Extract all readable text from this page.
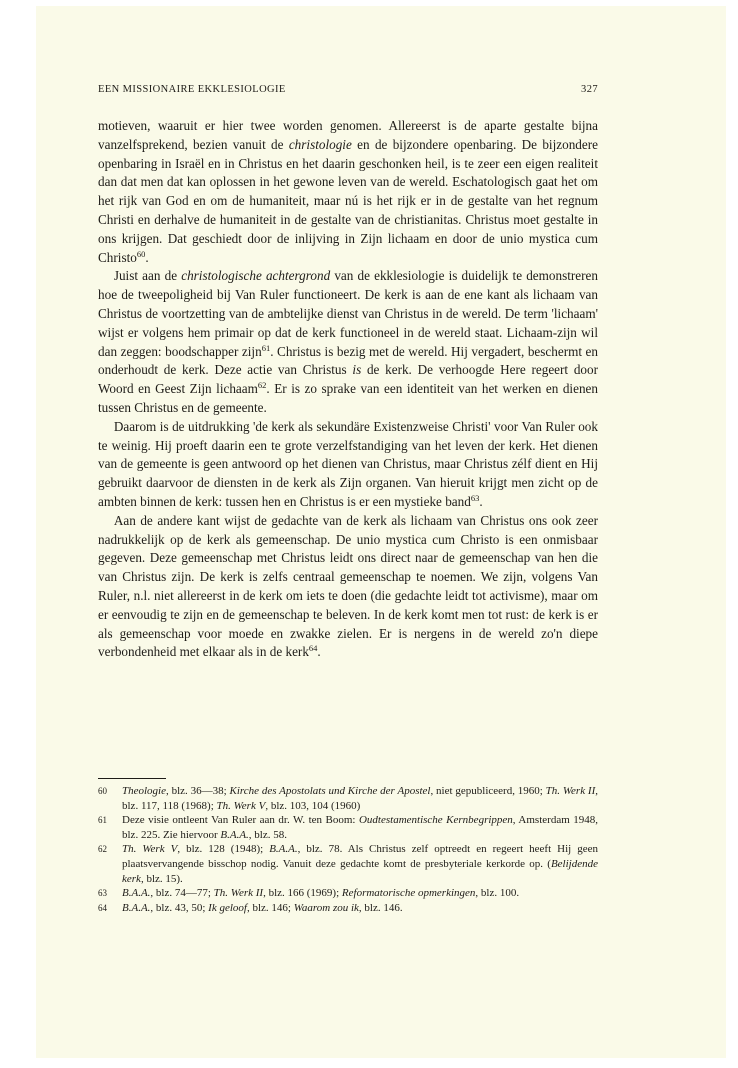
EEN MISSIONAIRE EKKLESIOLOGIE	327

motieven, waaruit er hier twee worden genomen. Allereerst is de aparte gestalte bijna vanzelfsprekend, bezien vanuit de christologie en de bijzondere openbaring. De bijzondere openbaring in Israël en in Christus en het daarin geschonken heil, is te zeer een eigen realiteit dan dat men dat kan oplossen in het gewone leven van de wereld. Eschatologisch gaat het om het rijk van God en om de humaniteit, maar nú is het rijk er in de gestalte van het regnum Christi en derhalve de humaniteit in de gestalte van de christianitas. Christus moet gestalte in ons krijgen. Dat geschiedt door de inlijving in Zijn lichaam en door de unio mystica cum Christo$^{60}$.

Juist aan de christologische achtergrond van de ekklesiologie is duidelijk te demonstreren hoe de tweepoligheid bij Van Ruler functioneert. De kerk is aan de ene kant als lichaam van Christus de voortzetting van de ambtelijke dienst van Christus in de wereld. De term 'lichaam' wijst er volgens hem primair op dat de kerk functioneel in de wereld staat. Lichaam-zijn wil dan zeggen: boodschapper zijn$^{61}$. Christus is bezig met de wereld. Hij vergadert, beschermt en onderhoudt de kerk. Deze actie van Christus is de kerk. De verhoogde Here regeert door Woord en Geest Zijn lichaam$^{62}$. Er is zo sprake van een identiteit van het werken en dienen tussen Christus en de gemeente.

Daarom is de uitdrukking 'de kerk als sekundäre Existenzweise Christi' voor Van Ruler ook te weinig. Hij proeft daarin een te grote verzelfstandiging van het leven der kerk. Het dienen van de gemeente is geen antwoord op het dienen van Christus, maar Christus zélf dient en Hij gebruikt daarvoor de diensten in de kerk als Zijn organen. Van hieruit krijgt men zicht op de ambten binnen de kerk: tussen hen en Christus is er een mystieke band$^{63}$.

Aan de andere kant wijst de gedachte van de kerk als lichaam van Christus ons ook zeer nadrukkelijk op de kerk als gemeenschap. De unio mystica cum Christo is een onmisbaar gegeven. Deze gemeenschap met Christus leidt ons direct naar de gemeenschap van hen die van Christus zijn. De kerk is zelfs centraal gemeenschap te noemen. We zijn, volgens Van Ruler, n.l. niet allereerst in de kerk om iets te doen (die gedachte leidt tot activisme), maar om er eenvoudig te zijn en de gemeenschap te beleven. In de kerk komt men tot rust: de kerk is er als gemeenschap voor moede en zwakke zielen. Er is nergens in de wereld zo'n diepe verbondenheid met elkaar als in de kerk$^{64}$.

60 Theologie, blz. 36—38; Kirche des Apostolats und Kirche der Apostel, niet gepubliceerd, 1960; Th. Werk II, blz. 117, 118 (1968); Th. Werk V, blz. 103, 104 (1960)

61 Deze visie ontleent Van Ruler aan dr. W. ten Boom: Oudtestamentische Kernbegrippen, Amsterdam 1948, blz. 225. Zie hiervoor B.A.A., blz. 58.

62 Th. Werk V, blz. 128 (1948); B.A.A., blz. 78. Als Christus zelf optreedt en regeert heeft Hij geen plaatsvervangende bisschop nodig. Vanuit deze gedachte komt de presbyteriale kerkorde op. (Belijdende kerk, blz. 15).

63 B.A.A., blz. 74—77; Th. Werk II, blz. 166 (1969); Reformatorische opmerkingen, blz. 100.

64 B.A.A., blz. 43, 50; Ik geloof, blz. 146; Waarom zou ik, blz. 146.
